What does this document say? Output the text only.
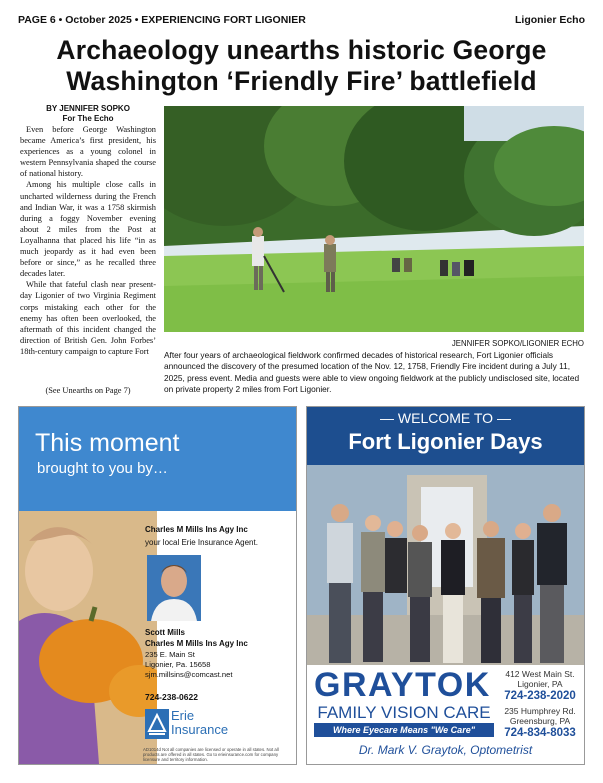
PAGE 6 • October 2025 • EXPERIENCING FORT LIGONIER	Ligonier Echo
Archaeology unearths historic George
Washington ‘Friendly Fire’ battlefield
BY JENNIFER SOPKO
For The Echo

Even before George Washington became America’s first president, his experiences as a young colonel in western Pennsylvania shaped the course of national history.

Among his multiple close calls in uncharted wilderness during the French and Indian War, it was a 1758 skirmish during a foggy November evening about 2 miles from the Post at Loyalhanna that placed his life “in as much jeopardy as it had even been before or since,” as he recalled three decades later.

While that fateful clash near present-day Ligonier of two Virginia Regiment corps mistaking each other for the enemy has often been overlooked, the aftermath of this incident changed the direction of British Gen. John Forbes’ 18th-century campaign to capture Fort

(See Unearths on Page 7)
JENNIFER SOPKO/LIGONIER ECHO
After four years of archaeological fieldwork confirmed decades of historical research, Fort Ligonier officials announced the discovery of the presumed location of the Nov. 12, 1758, Friendly Fire incident during a July 11, 2025, press event. Media and guests were able to view ongoing fieldwork at the publicly undisclosed site, located on private property 2 miles from Fort Ligonier.
This moment
brought to you by…
Charles M Mills Ins Agy Inc
your local Erie Insurance Agent.
Scott Mills
Charles M Mills Ins Agy Inc
235 E. Main St
Ligonier, Pa. 15658
sjm.millsins@comcast.net
724-238-0622
Erie
Insurance
AD1014d Not all companies are licensed or operate in all states. Not all products are offered in all states. Go to erieinsurance.com for company licensure and territory information.
— WELCOME TO —
Fort Ligonier Days
GRAYTOK
FAMILY VISION CARE
Where Eyecare Means "We Care"
412 West Main St.
Ligonier, PA
724-238-2020
235 Humphrey Rd.
Greensburg, PA
724-834-8033
Dr. Mark V. Graytok, Optometrist
